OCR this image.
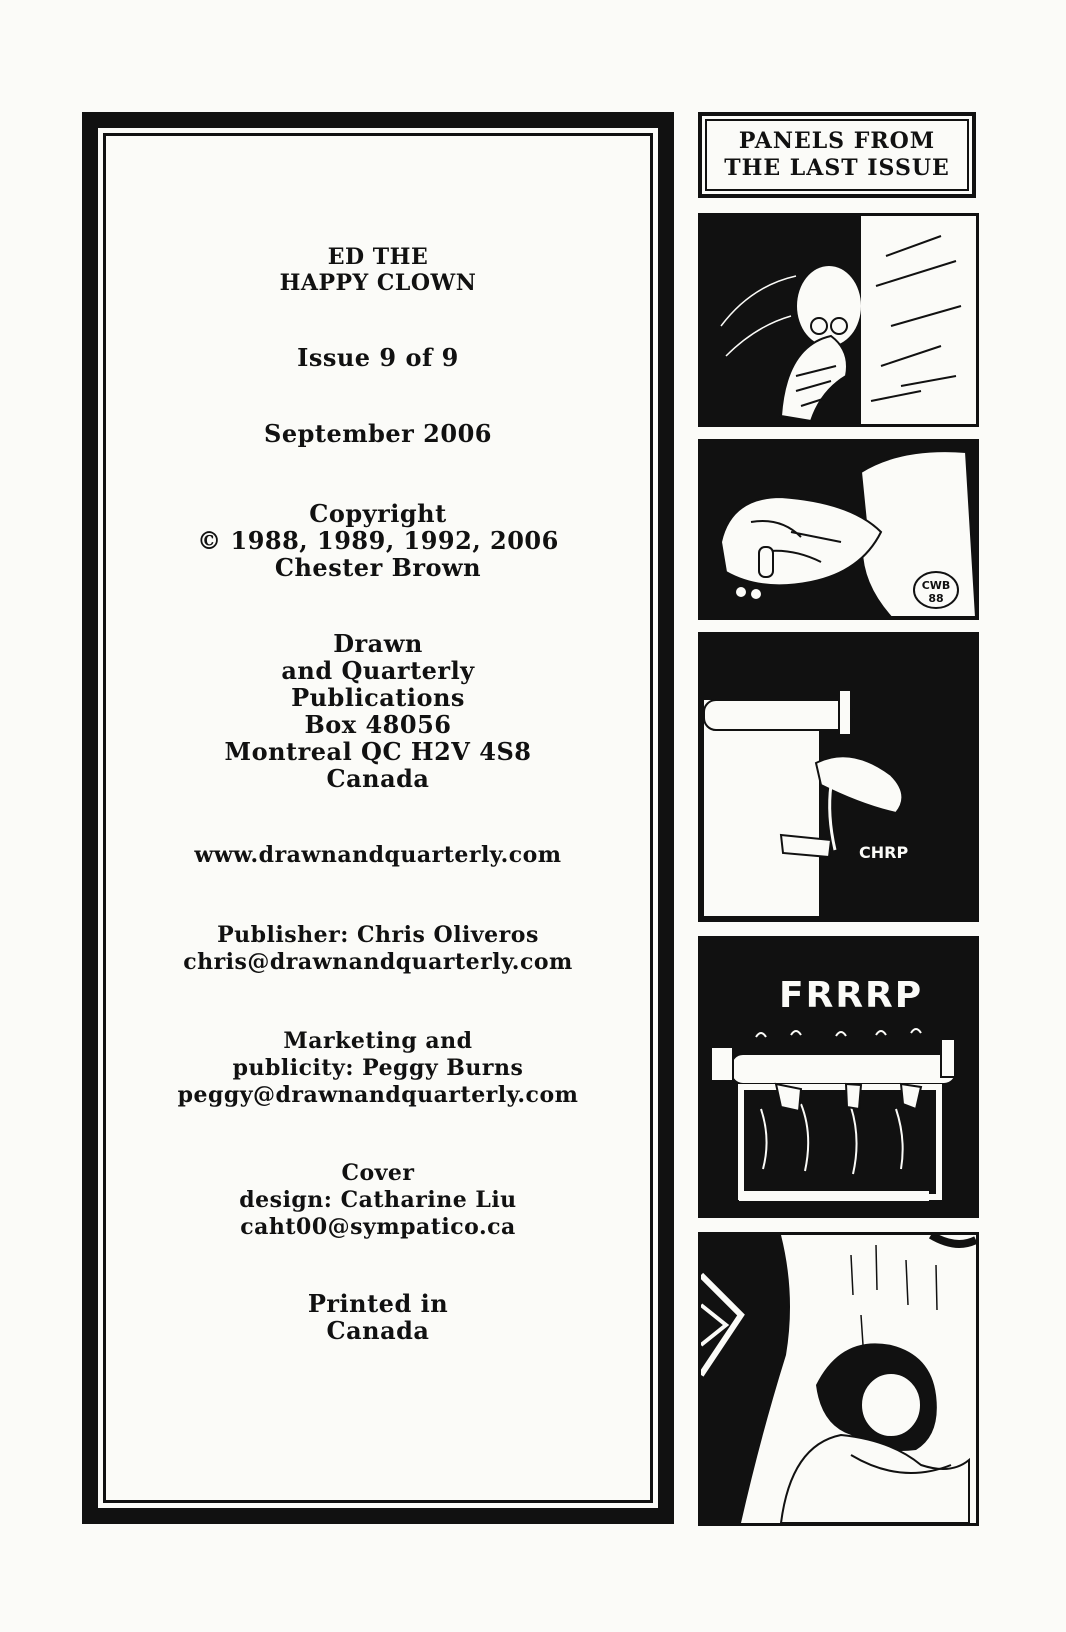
ED THE
HAPPY CLOWN
Issue 9 of 9
September 2006
Copyright
© 1988, 1989, 1992, 2006
Chester Brown
Drawn
and Quarterly
Publications
Box 48056
Montreal QC H2V 4S8
Canada
www.drawnandquarterly.com
Publisher: Chris Oliveros
chris@drawnandquarterly.com
Marketing and
publicity: Peggy Burns
peggy@drawnandquarterly.com
Cover
design: Catharine Liu
caht00@sympatico.ca
Printed in
Canada
PANELS FROM
THE LAST ISSUE
CWB
88
CHRP
FRRRP
